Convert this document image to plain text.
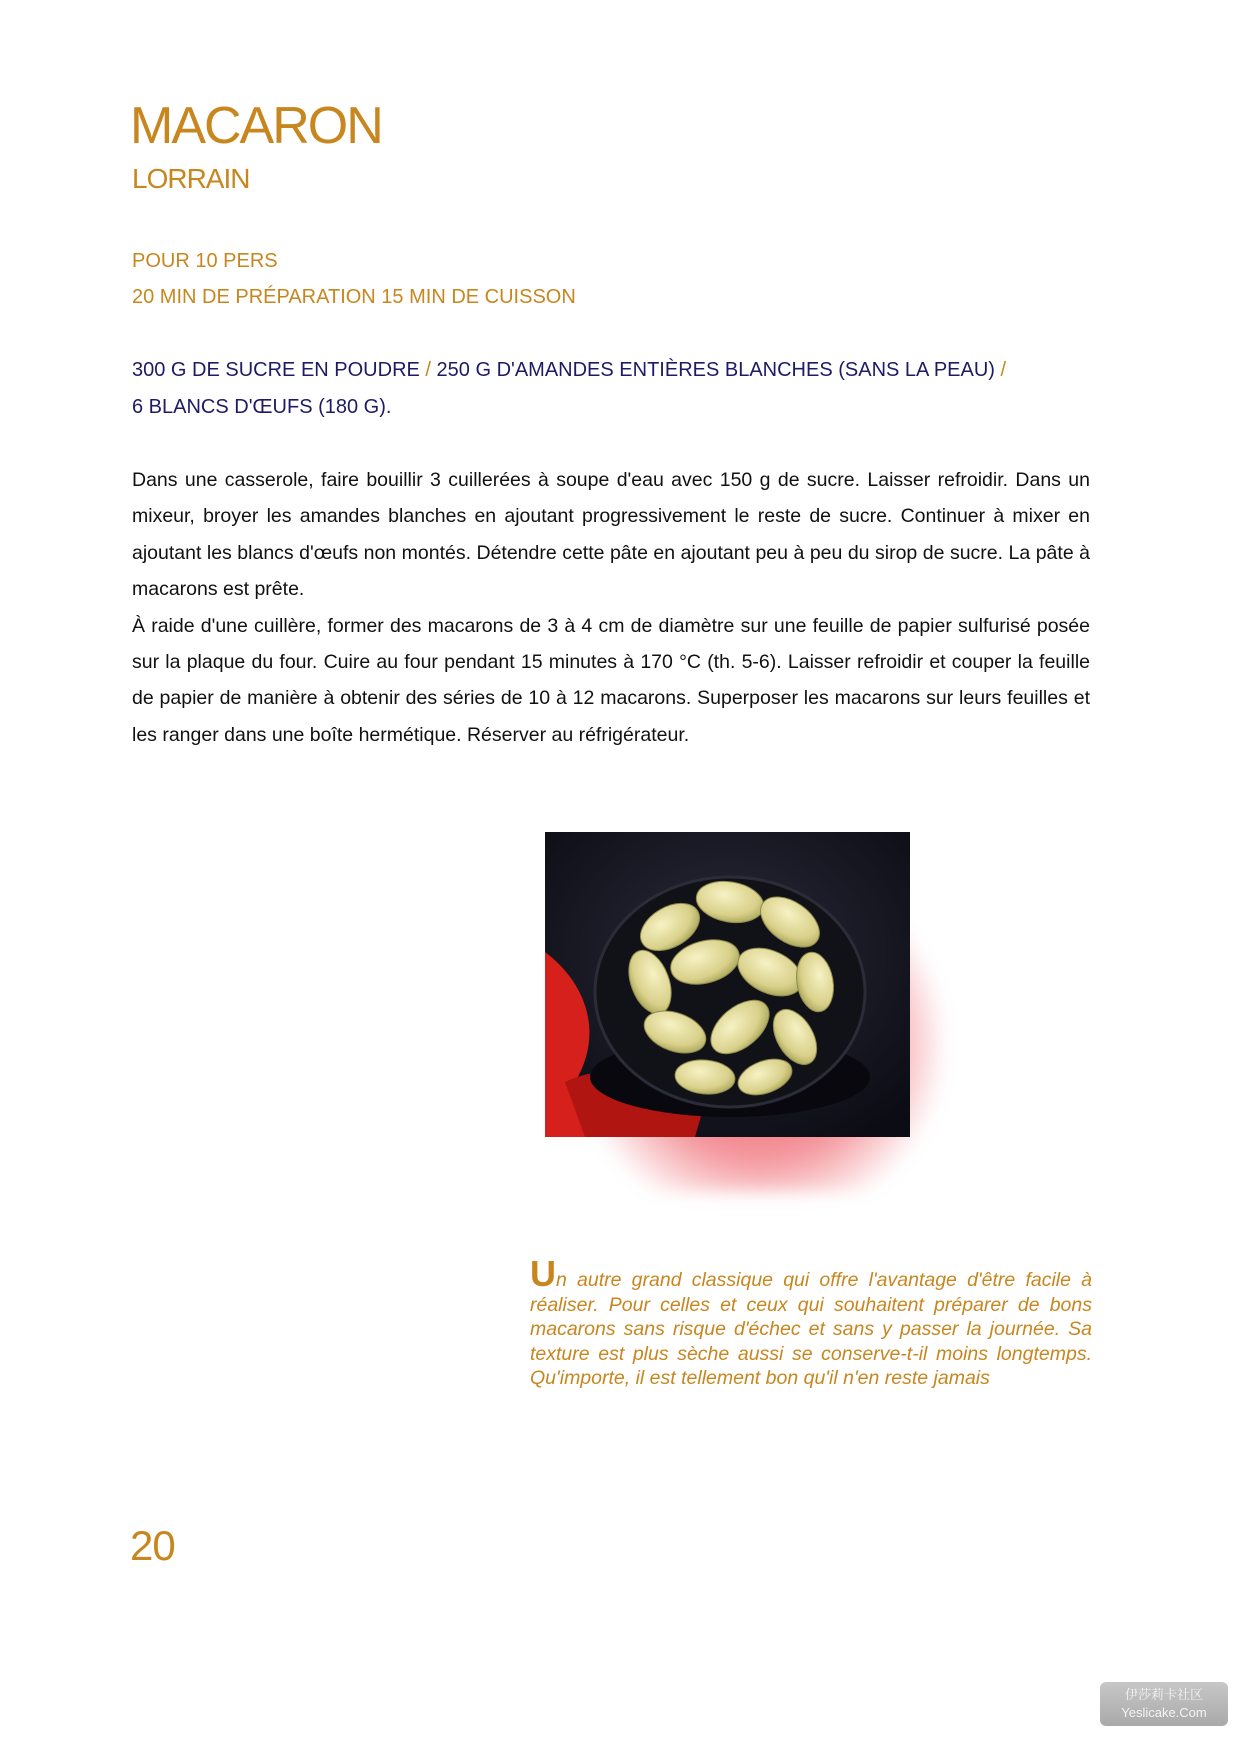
MACARON
LORRAIN
POUR 10 PERS
20 MIN DE PRÉPARATION 15 MIN DE CUISSON
300 G DE SUCRE EN POUDRE / 250 G D'AMANDES ENTIÈRES BLANCHES (SANS LA PEAU) /
6 BLANCS D'ŒUFS (180 G).

Dans une casserole, faire bouillir 3 cuillerées à soupe d'eau avec 150 g de sucre. Laisser refroidir. Dans un mixeur, broyer les amandes blanches en ajoutant progressivement le reste de sucre. Continuer à mixer en ajoutant les blancs d'œufs non montés. Détendre cette pâte en ajoutant peu à peu du sirop de sucre. La pâte à macarons est prête.

À raide d'une cuillère, former des macarons de 3 à 4 cm de diamètre sur une feuille de papier sulfurisé posée sur la plaque du four. Cuire au four pendant 15 minutes à 170 °C (th. 5-6). Laisser refroidir et couper la feuille de papier de manière à obtenir des séries de 10 à 12 macarons. Superposer les macarons sur leurs feuilles et les ranger dans une boîte hermétique. Réserver au réfrigérateur.

Un autre grand classique qui offre l'avantage d'être facile à réaliser. Pour celles et ceux qui souhaitent préparer de bons macarons sans risque d'échec et sans y passer la journée. Sa texture est plus sèche aussi se conserve-t-il moins longtemps. Qu'importe, il est tellement bon qu'il n'en reste jamais
20
伊莎莉卡社区
Yeslicake.Com
